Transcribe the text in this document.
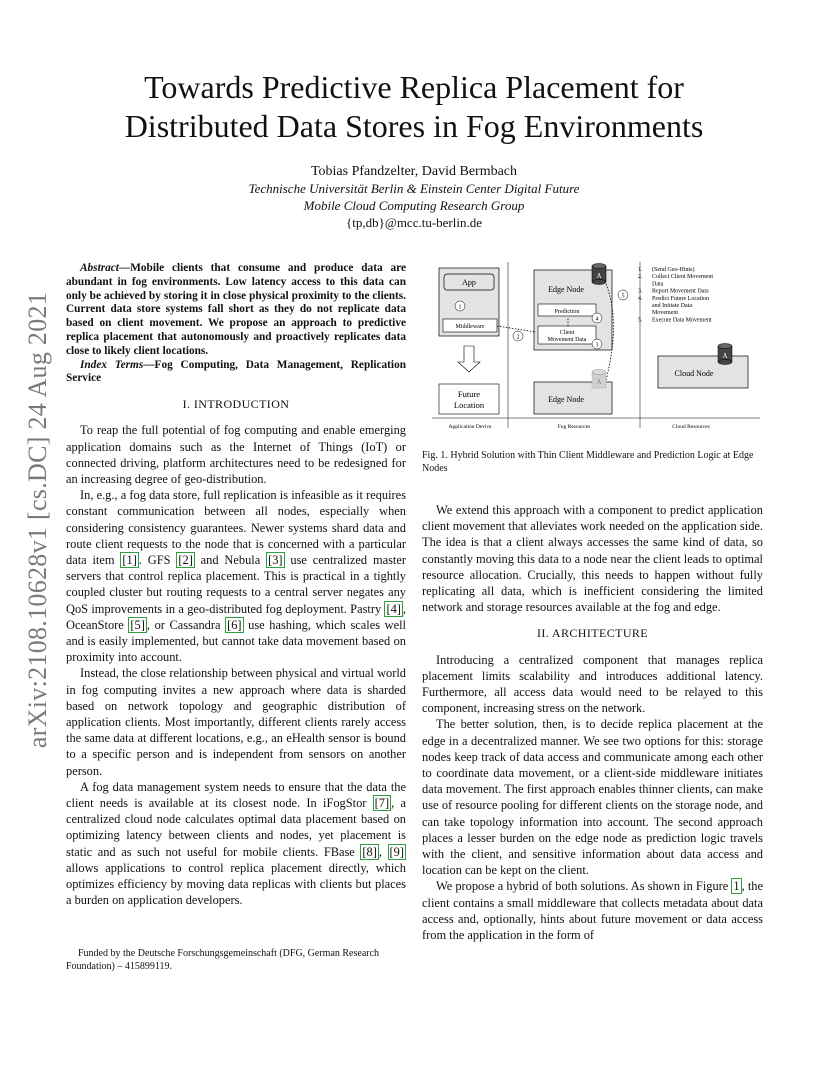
arXiv:2108.10628v1 [cs.DC] 24 Aug 2021
Towards Predictive Replica Placement for
Distributed Data Stores in Fog Environments
Tobias Pfandzelter, David Bermbach
Technische Universität Berlin & Einstein Center Digital Future
Mobile Cloud Computing Research Group
{tp,db}@mcc.tu-berlin.de

Abstract—Mobile clients that consume and produce data are abundant in fog environments. Low latency access to this data can only be achieved by storing it in close physical proximity to the clients. Current data store systems fall short as they do not replicate data based on client movement. We propose an approach to predictive replica placement that autonomously and proactively replicates data close to likely client locations.

Index Terms—Fog Computing, Data Management, Replication Service

I. INTRODUCTION

To reap the full potential of fog computing and enable emerging application domains such as the Internet of Things (IoT) or connected driving, platform architectures need to be redesigned for an increasing degree of geo-distribution.

In, e.g., a fog data store, full replication is infeasible as it requires constant communication between all nodes, especially when considering consistency guarantees. Newer systems shard data and route client requests to the node that is concerned with a particular data item [1] . GFS [2] and Nebula [3] use centralized master servers that control replica placement. This is practical in a tightly coupled cluster but routing requests to a central server negates any QoS improvements in a geo-distributed fog deployment. Pastry [4] , OceanStore [5] , or Cassandra [6] use hashing, which scales well and is easily implemented, but cannot take data movement based on proximity into account.

Instead, the close relationship between physical and virtual world in fog computing invites a new approach where data is sharded based on network topology and geographic distribution of application clients. Most importantly, different clients rarely access the same data at different locations, e.g., an eHealth sensor is bound to a specific person and is independent from sensors on another person.

A fog data management system needs to ensure that the data the client needs is available at its closest node. In iFogStor [7] , a centralized cloud node calculates optimal data placement based on optimizing latency between clients and nodes, yet placement is static and as such not useful for mobile clients. FBase [8] , [9] allows applications to control replica placement directly, which optimizes efficiency by moving data replicas with clients but places a burden on application developers.

Funded by the Deutsche Forschungsgemeinschaft (DFG, German Research Foundation) – 415899119.

Application Device	Fog Resources	Cloud Resources
App
1
Middleware
Future
Location
Edge Node
Prediction
Client
Movement Data
A
2
3
4
5
Edge Node
A
Cloud Node
A
1. (Send Geo-Hints)
2. Collect Client Movement
Data
3. Report Movement Data
4. Predict Future Location
and Initiate Data
Movement
5. Execute Data Movement
Fig. 1. Hybrid Solution with Thin Client Middleware and Prediction Logic at Edge Nodes

We extend this approach with a component to predict application client movement that alleviates work needed on the application side. The idea is that a client always accesses the same kind of data, so constantly moving this data to a node near the client leads to optimal resource allocation. Crucially, this needs to happen without fully replicating all data, which is inefficient considering the limited network and storage resources available at the fog and edge.

II. ARCHITECTURE

Introducing a centralized component that manages replica placement limits scalability and introduces additional latency. Furthermore, all access data would need to be relayed to this component, increasing stress on the network.

The better solution, then, is to decide replica placement at the edge in a decentralized manner. We see two options for this: storage nodes keep track of data access and communicate among each other to coordinate data movement, or a client-side middleware initiates data movement. The first approach enables thinner clients, can make use of resource pooling for different clients on the storage node, and can take topology information into account. The second approach places a lesser burden on the edge node as prediction logic travels with the client, and sensitive information about data access and location can be kept on the client.

We propose a hybrid of both solutions. As shown in Figure 1 , the client contains a small middleware that collects metadata about data access and, optionally, hints about future movement or data access from the application in the form of
